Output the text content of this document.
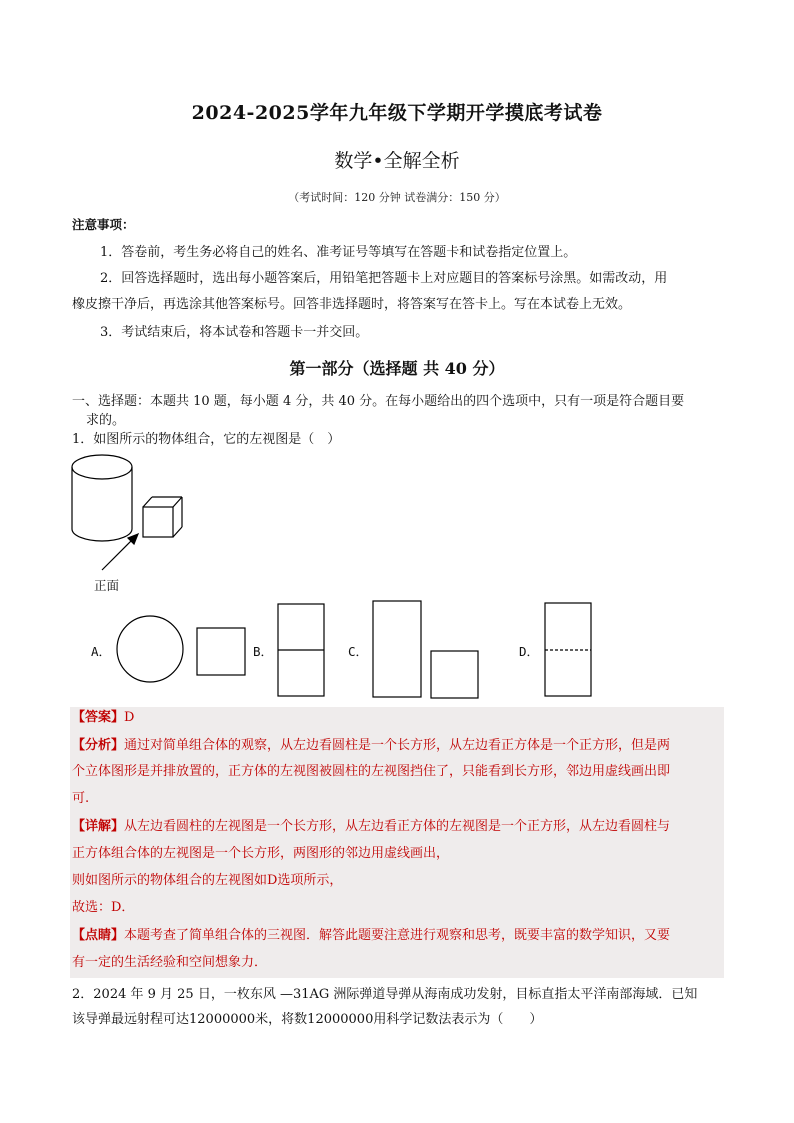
2024-2025学年九年级下学期开学摸底考试卷
数学•全解全析
（考试时间：120 分钟 试卷满分：150 分）
注意事项：
1．答卷前，考生务必将自己的姓名、准考证号等填写在答题卡和试卷指定位置上。
2．回答选择题时，选出每小题答案后，用铅笔把答题卡上对应题目的答案标号涂黑。如需改动，用
橡皮擦干净后，再选涂其他答案标号。回答非选择题时，将答案写在答卡上。写在本试卷上无效。
3．考试结束后，将本试卷和答题卡一并交回。
第一部分（选择题 共 40 分）
一、选择题：本题共 10 题，每小题 4 分，共 40 分。在每小题给出的四个选项中，只有一项是符合题目要
求的。
1．如图所示的物体组合，它的左视图是（　）
正面
A．	B．	C．	D．
【答案】D
【分析】通过对简单组合体的观察，从左边看圆柱是一个长方形，从左边看正方体是一个正方形，但是两
个立体图形是并排放置的，正方体的左视图被圆柱的左视图挡住了，只能看到长方形，邻边用虚线画出即
可.
【详解】从左边看圆柱的左视图是一个长方形，从左边看正方体的左视图是一个正方形，从左边看圆柱与
正方体组合体的左视图是一个长方形，两图形的邻边用虚线画出，
则如图所示的物体组合的左视图如D选项所示，
故选：D．
【点睛】本题考查了简单组合体的三视图．解答此题要注意进行观察和思考，既要丰富的数学知识，又要
有一定的生活经验和空间想象力．
2．2024 年 9 月 25 日，一枚东风 —31AG 洲际弹道导弹从海南成功发射，目标直指太平洋南部海域．已知
该导弹最远射程可达12000000米，将数12000000用科学记数法表示为（　　）
